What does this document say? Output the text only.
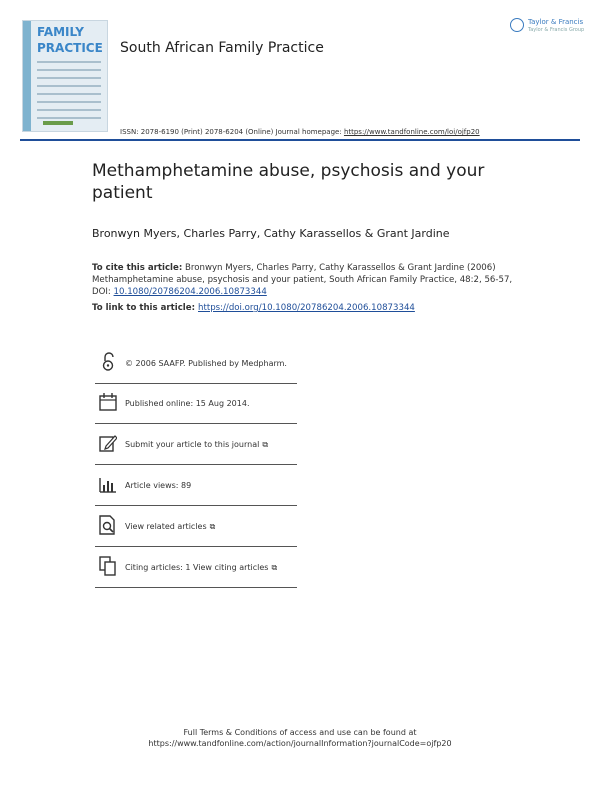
FAMILY
PRACTICE South African Family Practice
Taylor & Francis
Taylor & Francis Group
ISSN: 2078-6190 (Print) 2078-6204 (Online) Journal homepage: https://www.tandfonline.com/loi/ojfp20
Methamphetamine abuse, psychosis and your patient
Bronwyn Myers, Charles Parry, Cathy Karassellos & Grant Jardine
To cite this article: Bronwyn Myers, Charles Parry, Cathy Karassellos & Grant Jardine (2006) Methamphetamine abuse, psychosis and your patient, South African Family Practice, 48:2, 56-57, DOI: 10.1080/20786204.2006.10873344
To link to this article: https://doi.org/10.1080/20786204.2006.10873344
© 2006 SAAFP. Published by Medpharm.
Published online: 15 Aug 2014.
Submit your article to this journal ⧉
Article views: 89
View related articles ⧉
Citing articles: 1 View citing articles ⧉
Full Terms & Conditions of access and use can be found at
https://www.tandfonline.com/action/journalInformation?journalCode=ojfp20
